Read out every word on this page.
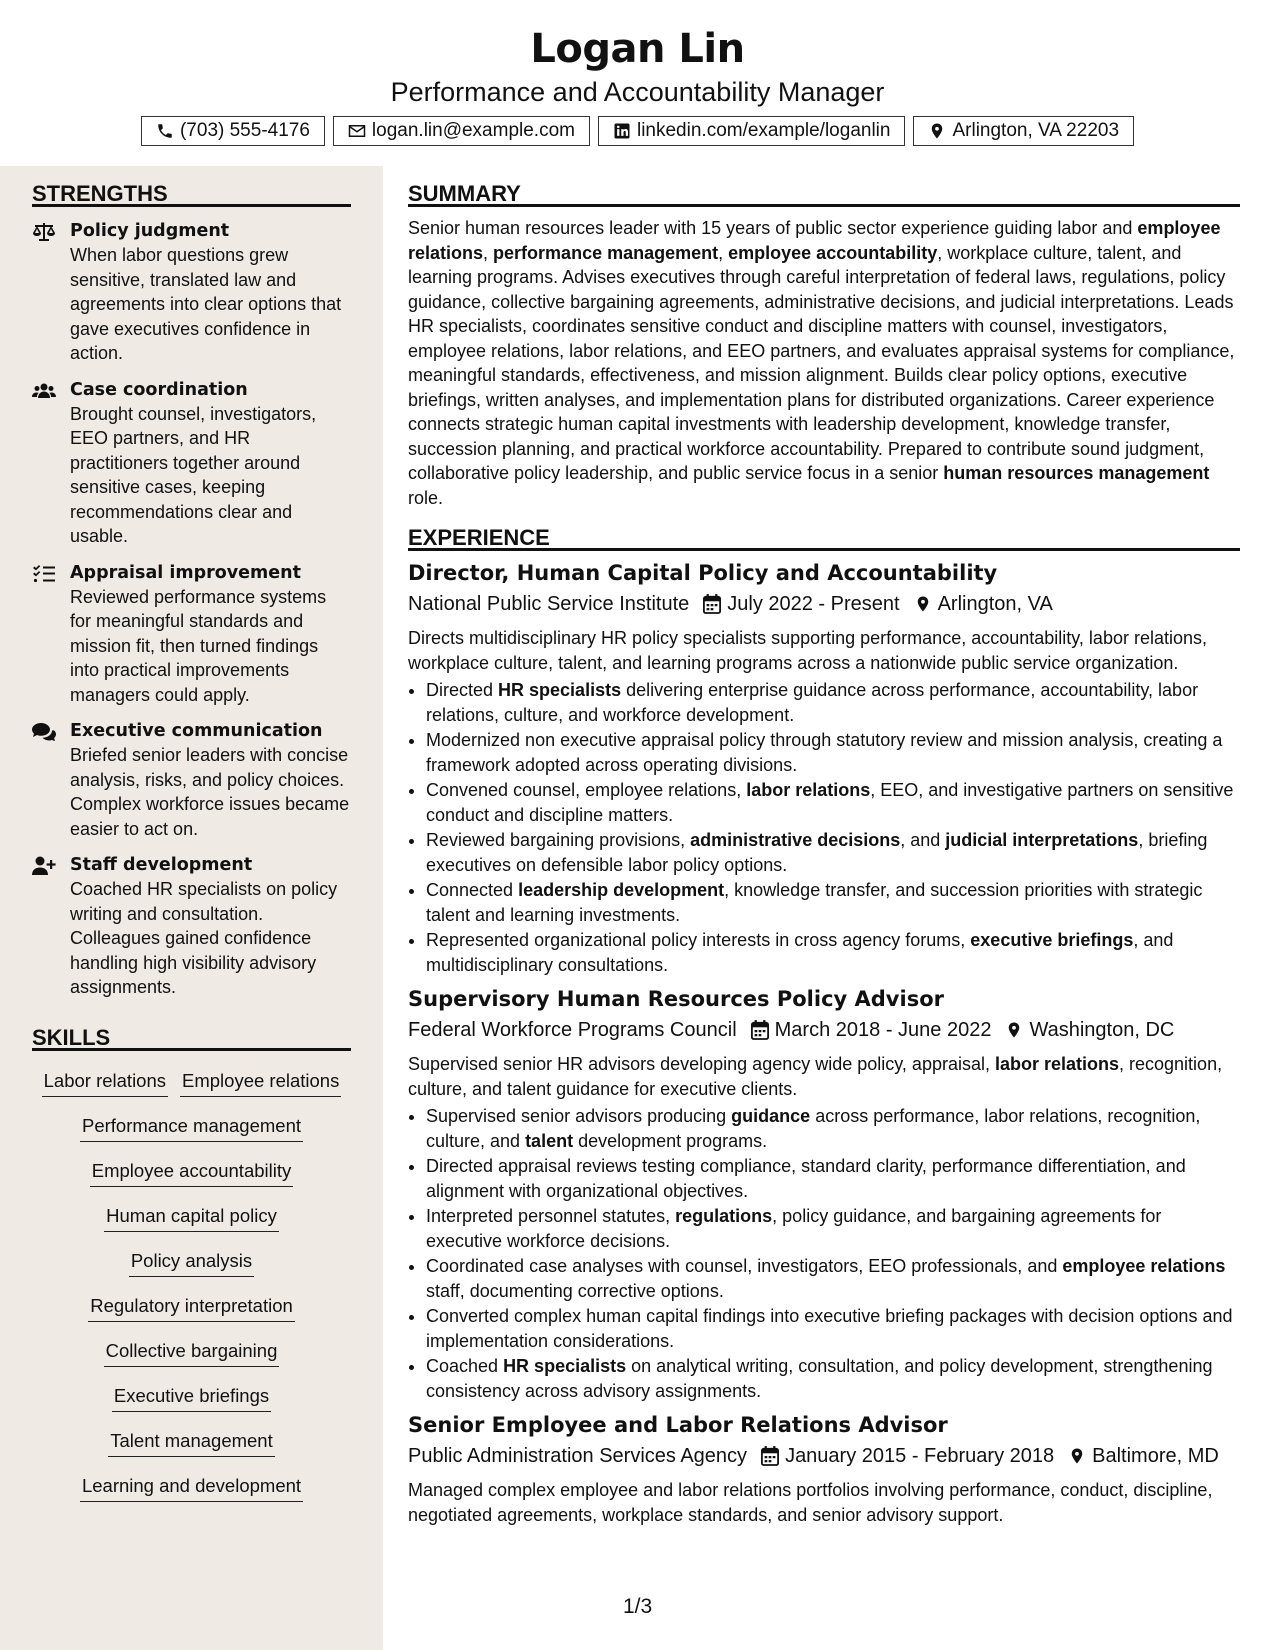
Logan Lin
Performance and Accountability Manager
(703) 555-4176	logan.lin@example.com	linkedin.com/example/loganlin	Arlington, VA 22203
STRENGTHS
Policy judgment
When labor questions grew sensitive, translated law and agreements into clear options that gave executives confidence in action.
Case coordination
Brought counsel, investigators, EEO partners, and HR practitioners together around sensitive cases, keeping recommendations clear and usable.
Appraisal improvement
Reviewed performance systems for meaningful standards and mission fit, then turned findings into practical improvements managers could apply.
Executive communication
Briefed senior leaders with concise analysis, risks, and policy choices. Complex workforce issues became easier to act on.
Staff development
Coached HR specialists on policy writing and consultation. Colleagues gained confidence handling high visibility advisory assignments.
SKILLS
Labor relations Employee relations
Performance management
Employee accountability
Human capital policy
Policy analysis
Regulatory interpretation
Collective bargaining
Executive briefings
Talent management
Learning and development
SUMMARY
Senior human resources leader with 15 years of public sector experience guiding labor and employee relations, performance management, employee accountability, workplace culture, talent, and learning programs. Advises executives through careful interpretation of federal laws, regulations, policy guidance, collective bargaining agreements, administrative decisions, and judicial interpretations. Leads HR specialists, coordinates sensitive conduct and discipline matters with counsel, investigators, employee relations, labor relations, and EEO partners, and evaluates appraisal systems for compliance, meaningful standards, effectiveness, and mission alignment. Builds clear policy options, executive briefings, written analyses, and implementation plans for distributed organizations. Career experience connects strategic human capital investments with leadership development, knowledge transfer, succession planning, and practical workforce accountability. Prepared to contribute sound judgment, collaborative policy leadership, and public service focus in a senior human resources management role.
EXPERIENCE
Director, Human Capital Policy and Accountability
National Public Service Institute July 2022 - Present Arlington, VA
Directs multidisciplinary HR policy specialists supporting performance, accountability, labor relations, workplace culture, talent, and learning programs across a nationwide public service organization.
• Directed HR specialists delivering enterprise guidance across performance, accountability, labor relations, culture, and workforce development.
• Modernized non executive appraisal policy through statutory review and mission analysis, creating a framework adopted across operating divisions.
• Convened counsel, employee relations, labor relations, EEO, and investigative partners on sensitive conduct and discipline matters.
• Reviewed bargaining provisions, administrative decisions, and judicial interpretations, briefing executives on defensible labor policy options.
• Connected leadership development, knowledge transfer, and succession priorities with strategic talent and learning investments.
• Represented organizational policy interests in cross agency forums, executive briefings, and multidisciplinary consultations.
Supervisory Human Resources Policy Advisor
Federal Workforce Programs Council March 2018 - June 2022 Washington, DC
Supervised senior HR advisors developing agency wide policy, appraisal, labor relations, recognition, culture, and talent guidance for executive clients.
• Supervised senior advisors producing guidance across performance, labor relations, recognition, culture, and talent development programs.
• Directed appraisal reviews testing compliance, standard clarity, performance differentiation, and alignment with organizational objectives.
• Interpreted personnel statutes, regulations, policy guidance, and bargaining agreements for executive workforce decisions.
• Coordinated case analyses with counsel, investigators, EEO professionals, and employee relations staff, documenting corrective options.
• Converted complex human capital findings into executive briefing packages with decision options and implementation considerations.
• Coached HR specialists on analytical writing, consultation, and policy development, strengthening consistency across advisory assignments.
Senior Employee and Labor Relations Advisor
Public Administration Services Agency January 2015 - February 2018 Baltimore, MD
Managed complex employee and labor relations portfolios involving performance, conduct, discipline, negotiated agreements, workplace standards, and senior advisory support.
1/3
